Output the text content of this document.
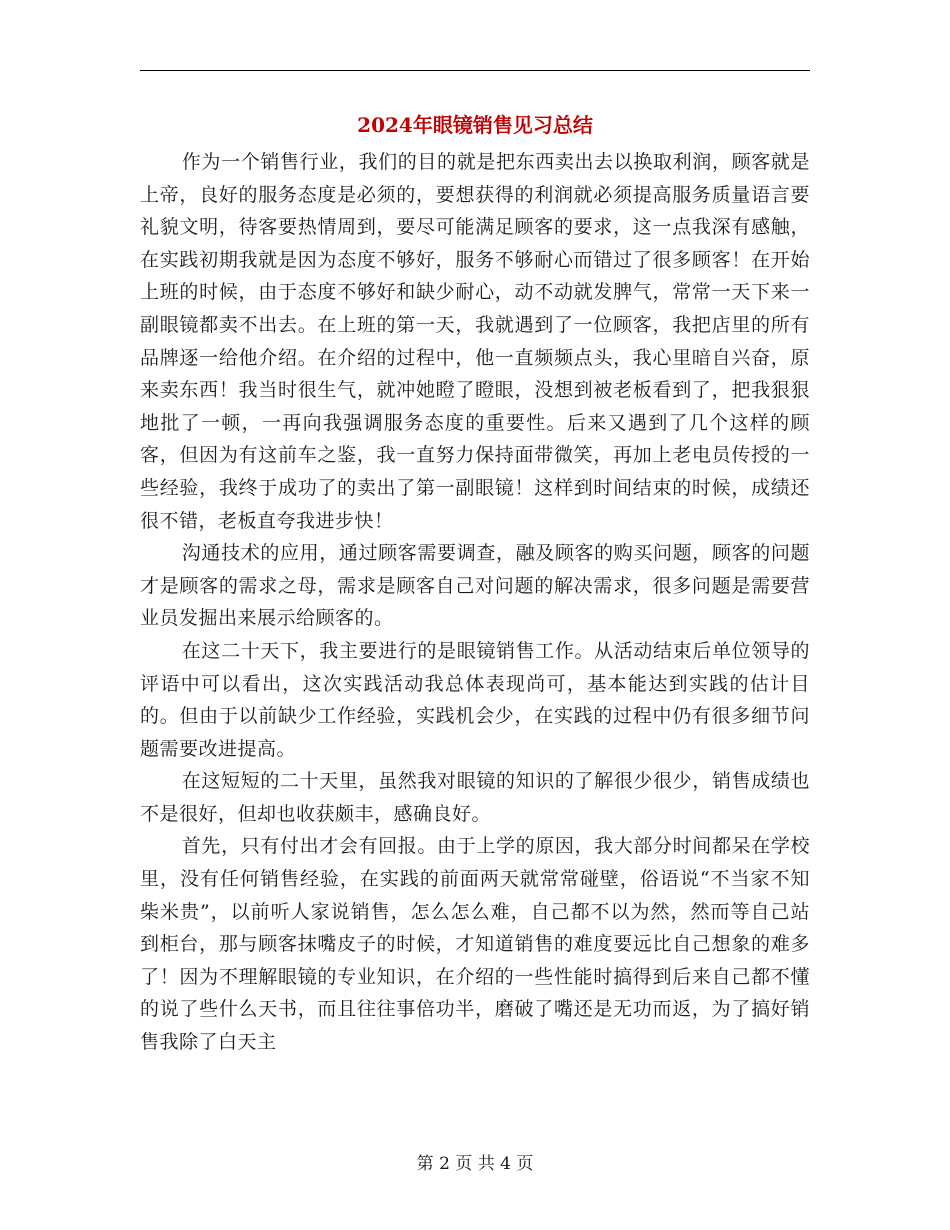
2024年眼镜销售见习总结

作为一个销售行业，我们的目的就是把东西卖出去以换取利润，顾客就是上帝，良好的服务态度是必须的，要想获得的利润就必须提高服务质量语言要礼貌文明，待客要热情周到，要尽可能满足顾客的要求，这一点我深有感触，在实践初期我就是因为态度不够好，服务不够耐心而错过了很多顾客！在开始上班的时候，由于态度不够好和缺少耐心，动不动就发脾气，常常一天下来一副眼镜都卖不出去。在上班的第一天，我就遇到了一位顾客，我把店里的所有品牌逐一给他介绍。在介绍的过程中，他一直频频点头，我心里暗自兴奋，原来卖东西！我当时很生气，就冲她瞪了瞪眼，没想到被老板看到了，把我狠狠地批了一顿，一再向我强调服务态度的重要性。后来又遇到了几个这样的顾客，但因为有这前车之鉴，我一直努力保持面带微笑，再加上老电员传授的一些经验，我终于成功了的卖出了第一副眼镜！这样到时间结束的时候，成绩还很不错，老板直夸我进步快！

沟通技术的应用，通过顾客需要调查，融及顾客的购买问题，顾客的问题才是顾客的需求之母，需求是顾客自己对问题的解决需求，很多问题是需要营业员发掘出来展示给顾客的。

在这二十天下，我主要进行的是眼镜销售工作。从活动结束后单位领导的评语中可以看出，这次实践活动我总体表现尚可，基本能达到实践的估计目的。但由于以前缺少工作经验，实践机会少，在实践的过程中仍有很多细节问题需要改进提高。

在这短短的二十天里，虽然我对眼镜的知识的了解很少很少，销售成绩也不是很好，但却也收获颇丰，感确良好。

首先，只有付出才会有回报。由于上学的原因，我大部分时间都呆在学校里，没有任何销售经验，在实践的前面两天就常常碰壁，俗语说“不当家不知柴米贵”，以前听人家说销售，怎么怎么难，自己都不以为然，然而等自己站到柜台，那与顾客抹嘴皮子的时候，才知道销售的难度要远比自己想象的难多了！因为不理解眼镜的专业知识，在介绍的一些性能时搞得到后来自己都不懂的说了些什么天书，而且往往事倍功半，磨破了嘴还是无功而返，为了搞好销售我除了白天主

第 2 页 共 4 页
